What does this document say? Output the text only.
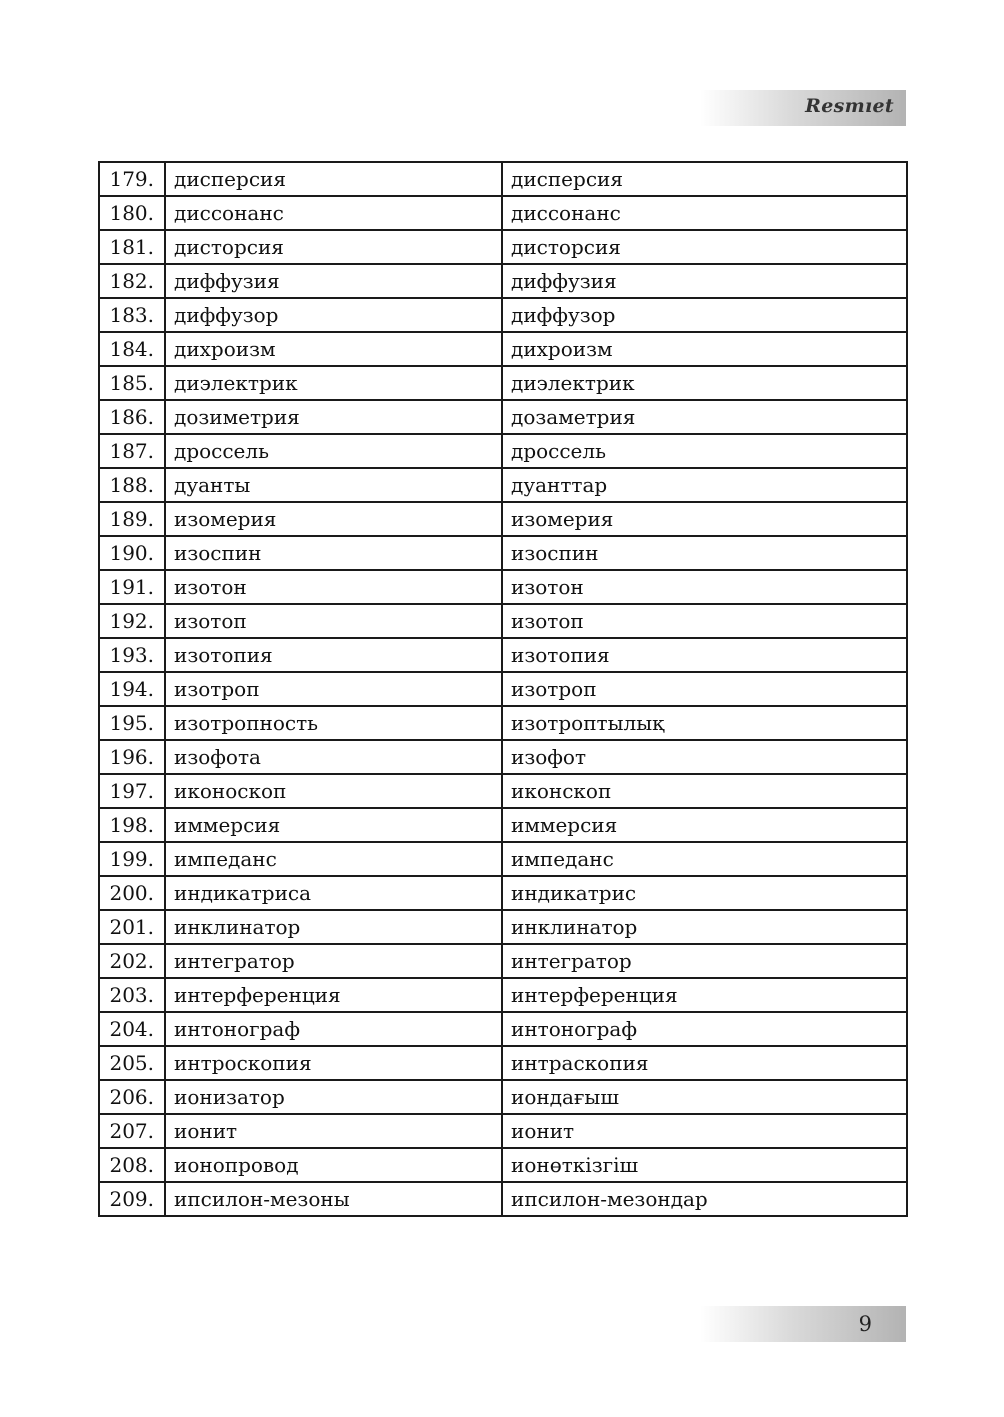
Resmıet
179.	дисперсия	дисперсия
180.	диссонанс	диссонанс
181.	дисторсия	дисторсия
182.	диффузия	диффузия
183.	диффузор	диффузор
184.	дихроизм	дихроизм
185.	диэлектрик	диэлектрик
186.	дозиметрия	дозаметрия
187.	дроссель	дроссель
188.	дуанты	дуанттар
189.	изомерия	изомерия
190.	изоспин	изоспин
191.	изотон	изотон
192.	изотоп	изотоп
193.	изотопия	изотопия
194.	изотроп	изотроп
195.	изотропность	изотроптылық
196.	изофота	изофот
197.	иконоскоп	иконскоп
198.	иммерсия	иммерсия
199.	импеданс	импеданс
200.	индикатриса	индикатрис
201.	инклинатор	инклинатор
202.	интегратор	интегратор
203.	интерференция	интерференция
204.	интонограф	интонограф
205.	интроскопия	интраскопия
206.	ионизатор	иондағыш
207.	ионит	ионит
208.	ионопровод	ионөткізгіш
209.	ипсилон-мезоны	ипсилон-мезондар
9
